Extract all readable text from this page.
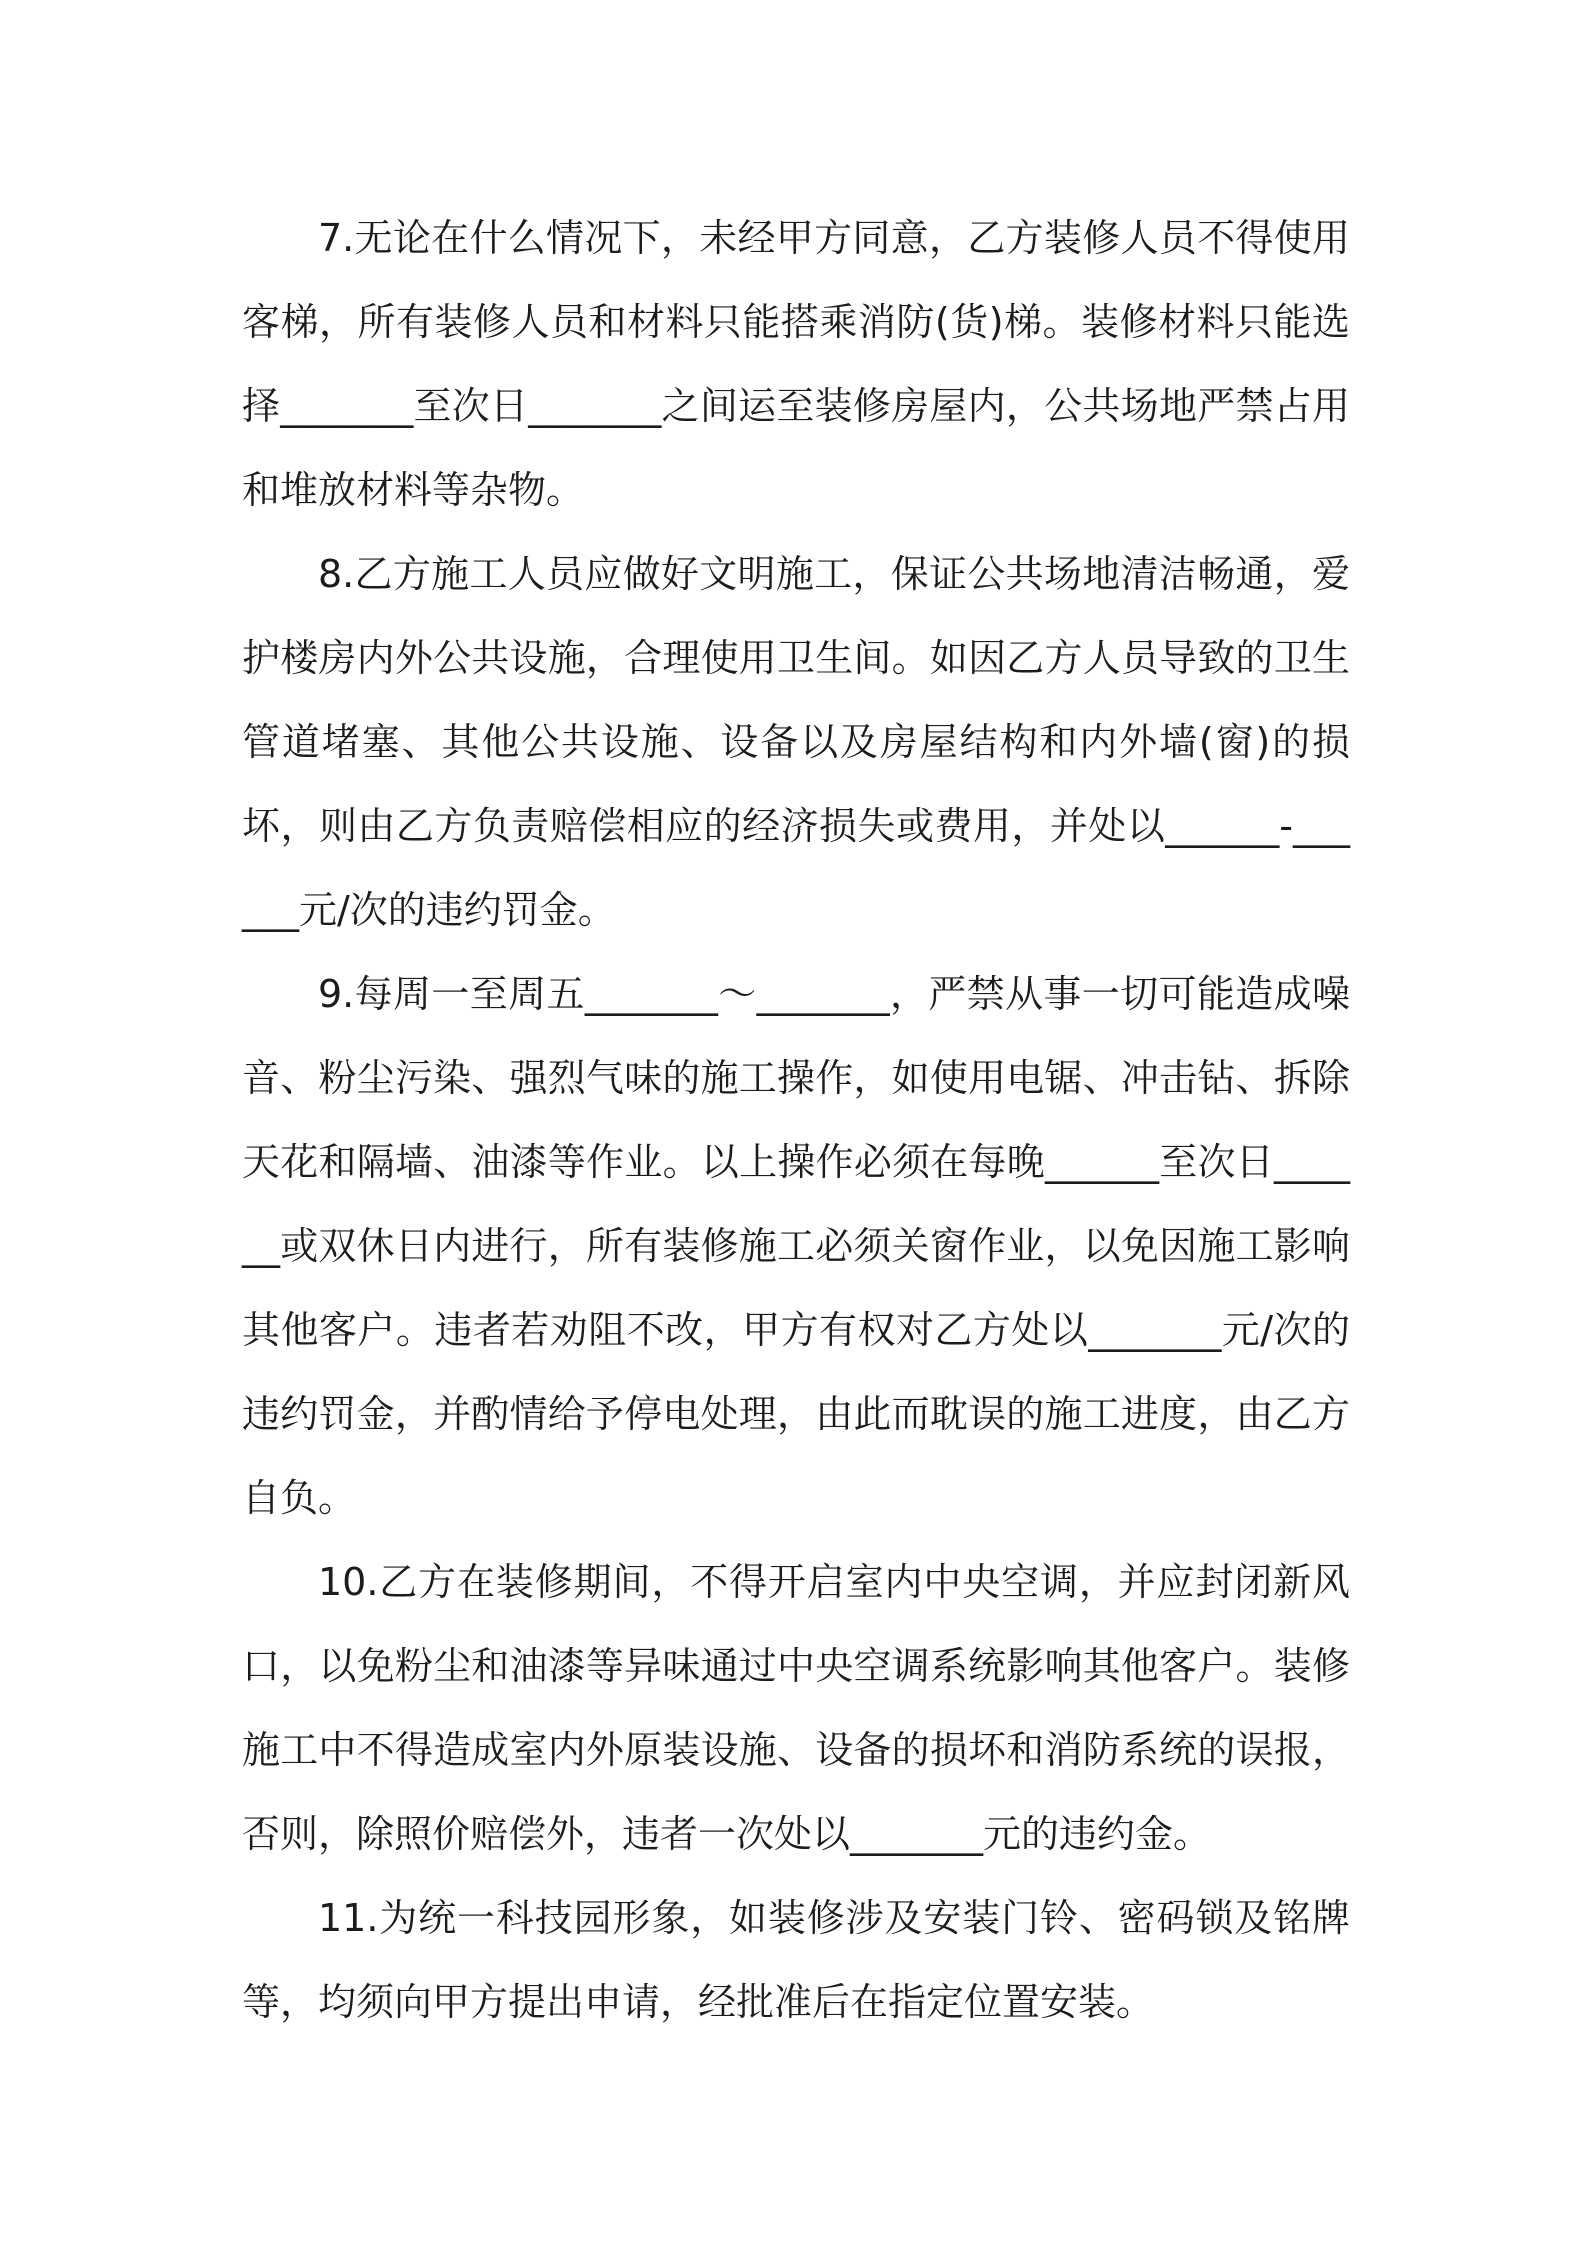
7.无论在什么情况下，未经甲方同意，乙方装修人员不得使用客梯，所有装修人员和材料只能搭乘消防(货)梯。装修材料只能选择_______至次日_______之间运至装修房屋内，公共场地严禁占用和堆放材料等杂物。

8.乙方施工人员应做好文明施工，保证公共场地清洁畅通，爱护楼房内外公共设施，合理使用卫生间。如因乙方人员导致的卫生管道堵塞、其他公共设施、设备以及房屋结构和内外墙(窗)的损坏，则由乙方负责赔偿相应的经济损失或费用，并处以______-______元/次的违约罚金。

9.每周一至周五_______～_______，严禁从事一切可能造成噪音、粉尘污染、强烈气味的施工操作，如使用电锯、冲击钻、拆除天花和隔墙、油漆等作业。以上操作必须在每晚______至次日______或双休日内进行，所有装修施工必须关窗作业，以免因施工影响其他客户。违者若劝阻不改，甲方有权对乙方处以_______元/次的违约罚金，并酌情给予停电处理，由此而耽误的施工进度，由乙方自负。

10.乙方在装修期间，不得开启室内中央空调，并应封闭新风口，以免粉尘和油漆等异味通过中央空调系统影响其他客户。装修施工中不得造成室内外原装设施、设备的损坏和消防系统的误报，否则，除照价赔偿外，违者一次处以_______元的违约金。

11.为统一科技园形象，如装修涉及安装门铃、密码锁及铭牌等，均须向甲方提出申请，经批准后在指定位置安装。
